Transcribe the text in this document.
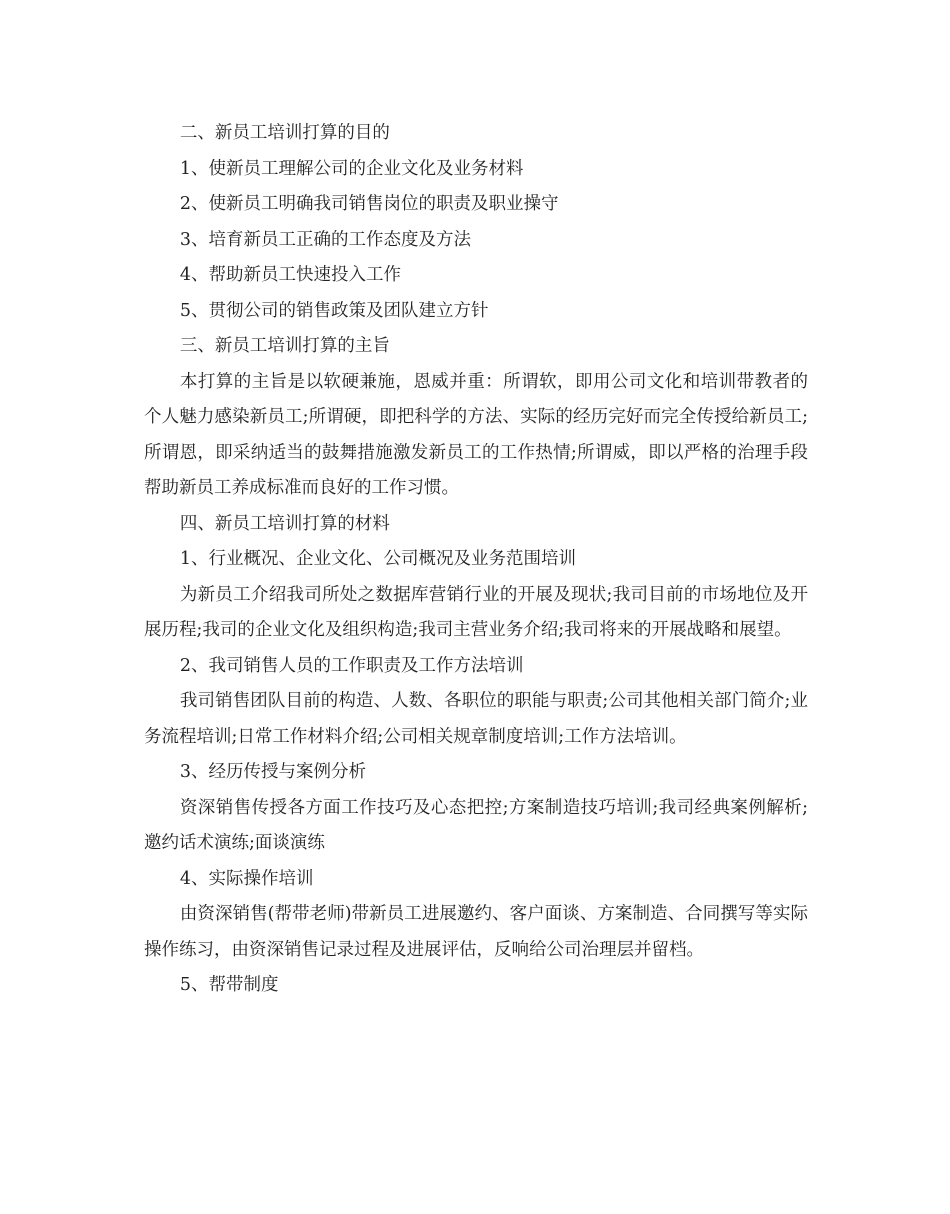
二、新员工培训打算的目的

1、使新员工理解公司的企业文化及业务材料

2、使新员工明确我司销售岗位的职责及职业操守

3、培育新员工正确的工作态度及方法

4、帮助新员工快速投入工作

5、贯彻公司的销售政策及团队建立方针

三、新员工培训打算的主旨

本打算的主旨是以软硬兼施，恩威并重：所谓软，即用公司文化和培训带教者的个人魅力感染新员工;所谓硬，即把科学的方法、实际的经历完好而完全传授给新员工;所谓恩，即采纳适当的鼓舞措施激发新员工的工作热情;所谓威，即以严格的治理手段帮助新员工养成标准而良好的工作习惯。

四、新员工培训打算的材料

1、行业概况、企业文化、公司概况及业务范围培训

为新员工介绍我司所处之数据库营销行业的开展及现状;我司目前的市场地位及开展历程;我司的企业文化及组织构造;我司主营业务介绍;我司将来的开展战略和展望。

2、我司销售人员的工作职责及工作方法培训

我司销售团队目前的构造、人数、各职位的职能与职责;公司其他相关部门简介;业务流程培训;日常工作材料介绍;公司相关规章制度培训;工作方法培训。

3、经历传授与案例分析

资深销售传授各方面工作技巧及心态把控;方案制造技巧培训;我司经典案例解析;邀约话术演练;面谈演练

4、实际操作培训

由资深销售(帮带老师)带新员工进展邀约、客户面谈、方案制造、合同撰写等实际操作练习，由资深销售记录过程及进展评估，反响给公司治理层并留档。

5、帮带制度
